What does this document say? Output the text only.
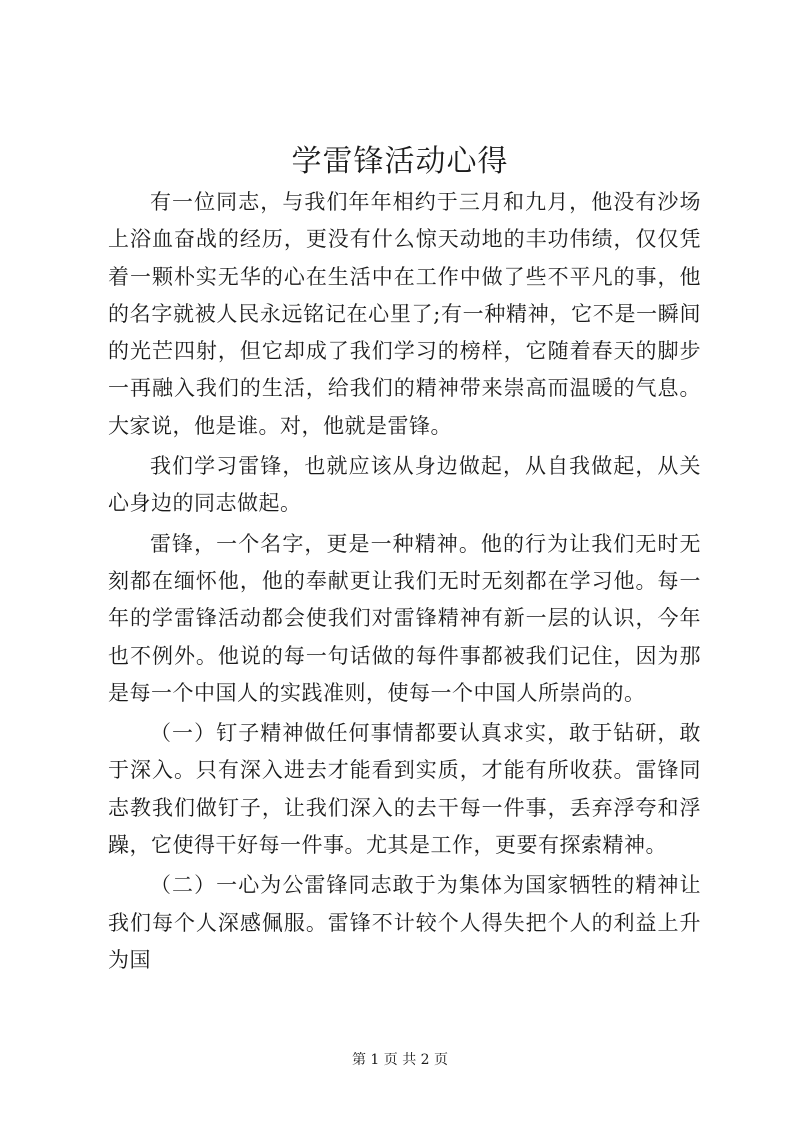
学雷锋活动心得

有一位同志，与我们年年相约于三月和九月，他没有沙场上浴血奋战的经历，更没有什么惊天动地的丰功伟绩，仅仅凭着一颗朴实无华的心在生活中在工作中做了些不平凡的事，他的名字就被人民永远铭记在心里了;有一种精神，它不是一瞬间的光芒四射，但它却成了我们学习的榜样，它随着春天的脚步一再融入我们的生活，给我们的精神带来崇高而温暖的气息。大家说，他是谁。对，他就是雷锋。

我们学习雷锋，也就应该从身边做起，从自我做起，从关心身边的同志做起。

雷锋，一个名字，更是一种精神。他的行为让我们无时无刻都在缅怀他，他的奉献更让我们无时无刻都在学习他。每一年的学雷锋活动都会使我们对雷锋精神有新一层的认识，今年也不例外。他说的每一句话做的每件事都被我们记住，因为那是每一个中国人的实践准则，使每一个中国人所崇尚的。

（一）钉子精神做任何事情都要认真求实，敢于钻研，敢于深入。只有深入进去才能看到实质，才能有所收获。雷锋同志教我们做钉子，让我们深入的去干每一件事，丢弃浮夸和浮躁，它使得干好每一件事。尤其是工作，更要有探索精神。

（二）一心为公雷锋同志敢于为集体为国家牺牲的精神让我们每个人深感佩服。雷锋不计较个人得失把个人的利益上升为国

第 1 页 共 2 页
